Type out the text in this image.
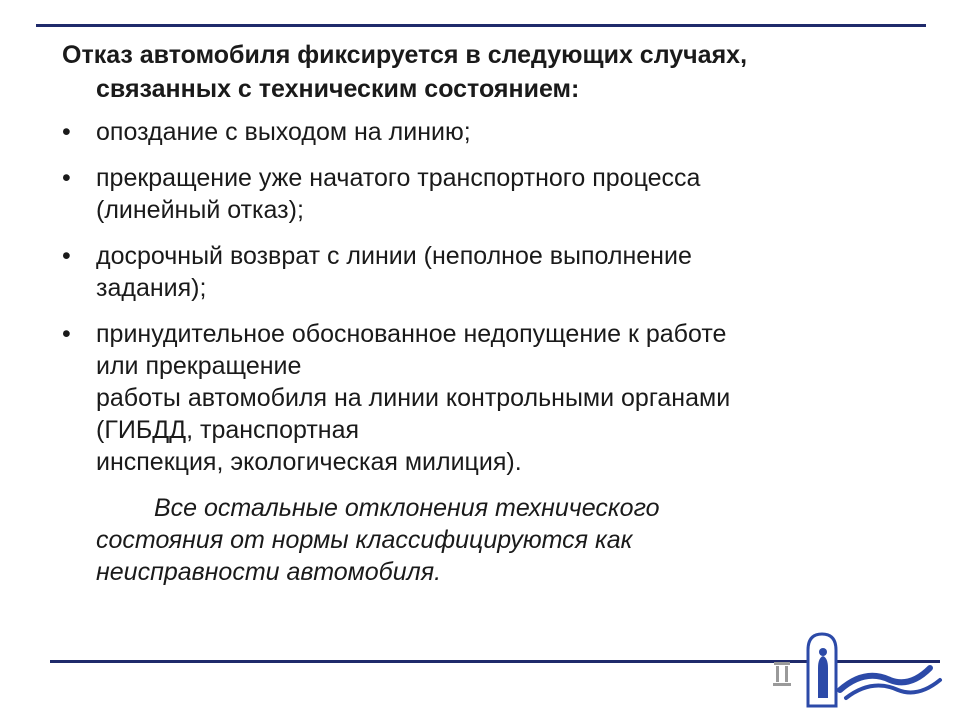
Отказ автомобиля фиксируется в следующих случаях,
связанных с техническим состоянием:
• опоздание с выходом на линию;
• прекращение уже начатого транспортного процесса
(линейный отказ);
• досрочный возврат с линии (неполное выполнение
задания);
• принудительное обоснованное недопущение к работе
или прекращение
работы автомобиля на линии контрольными органами
(ГИБДД, транспортная
инспекция, экологическая милиция).
Все остальные отклонения технического
состояния от нормы классифицируются как
неисправности автомобиля.
